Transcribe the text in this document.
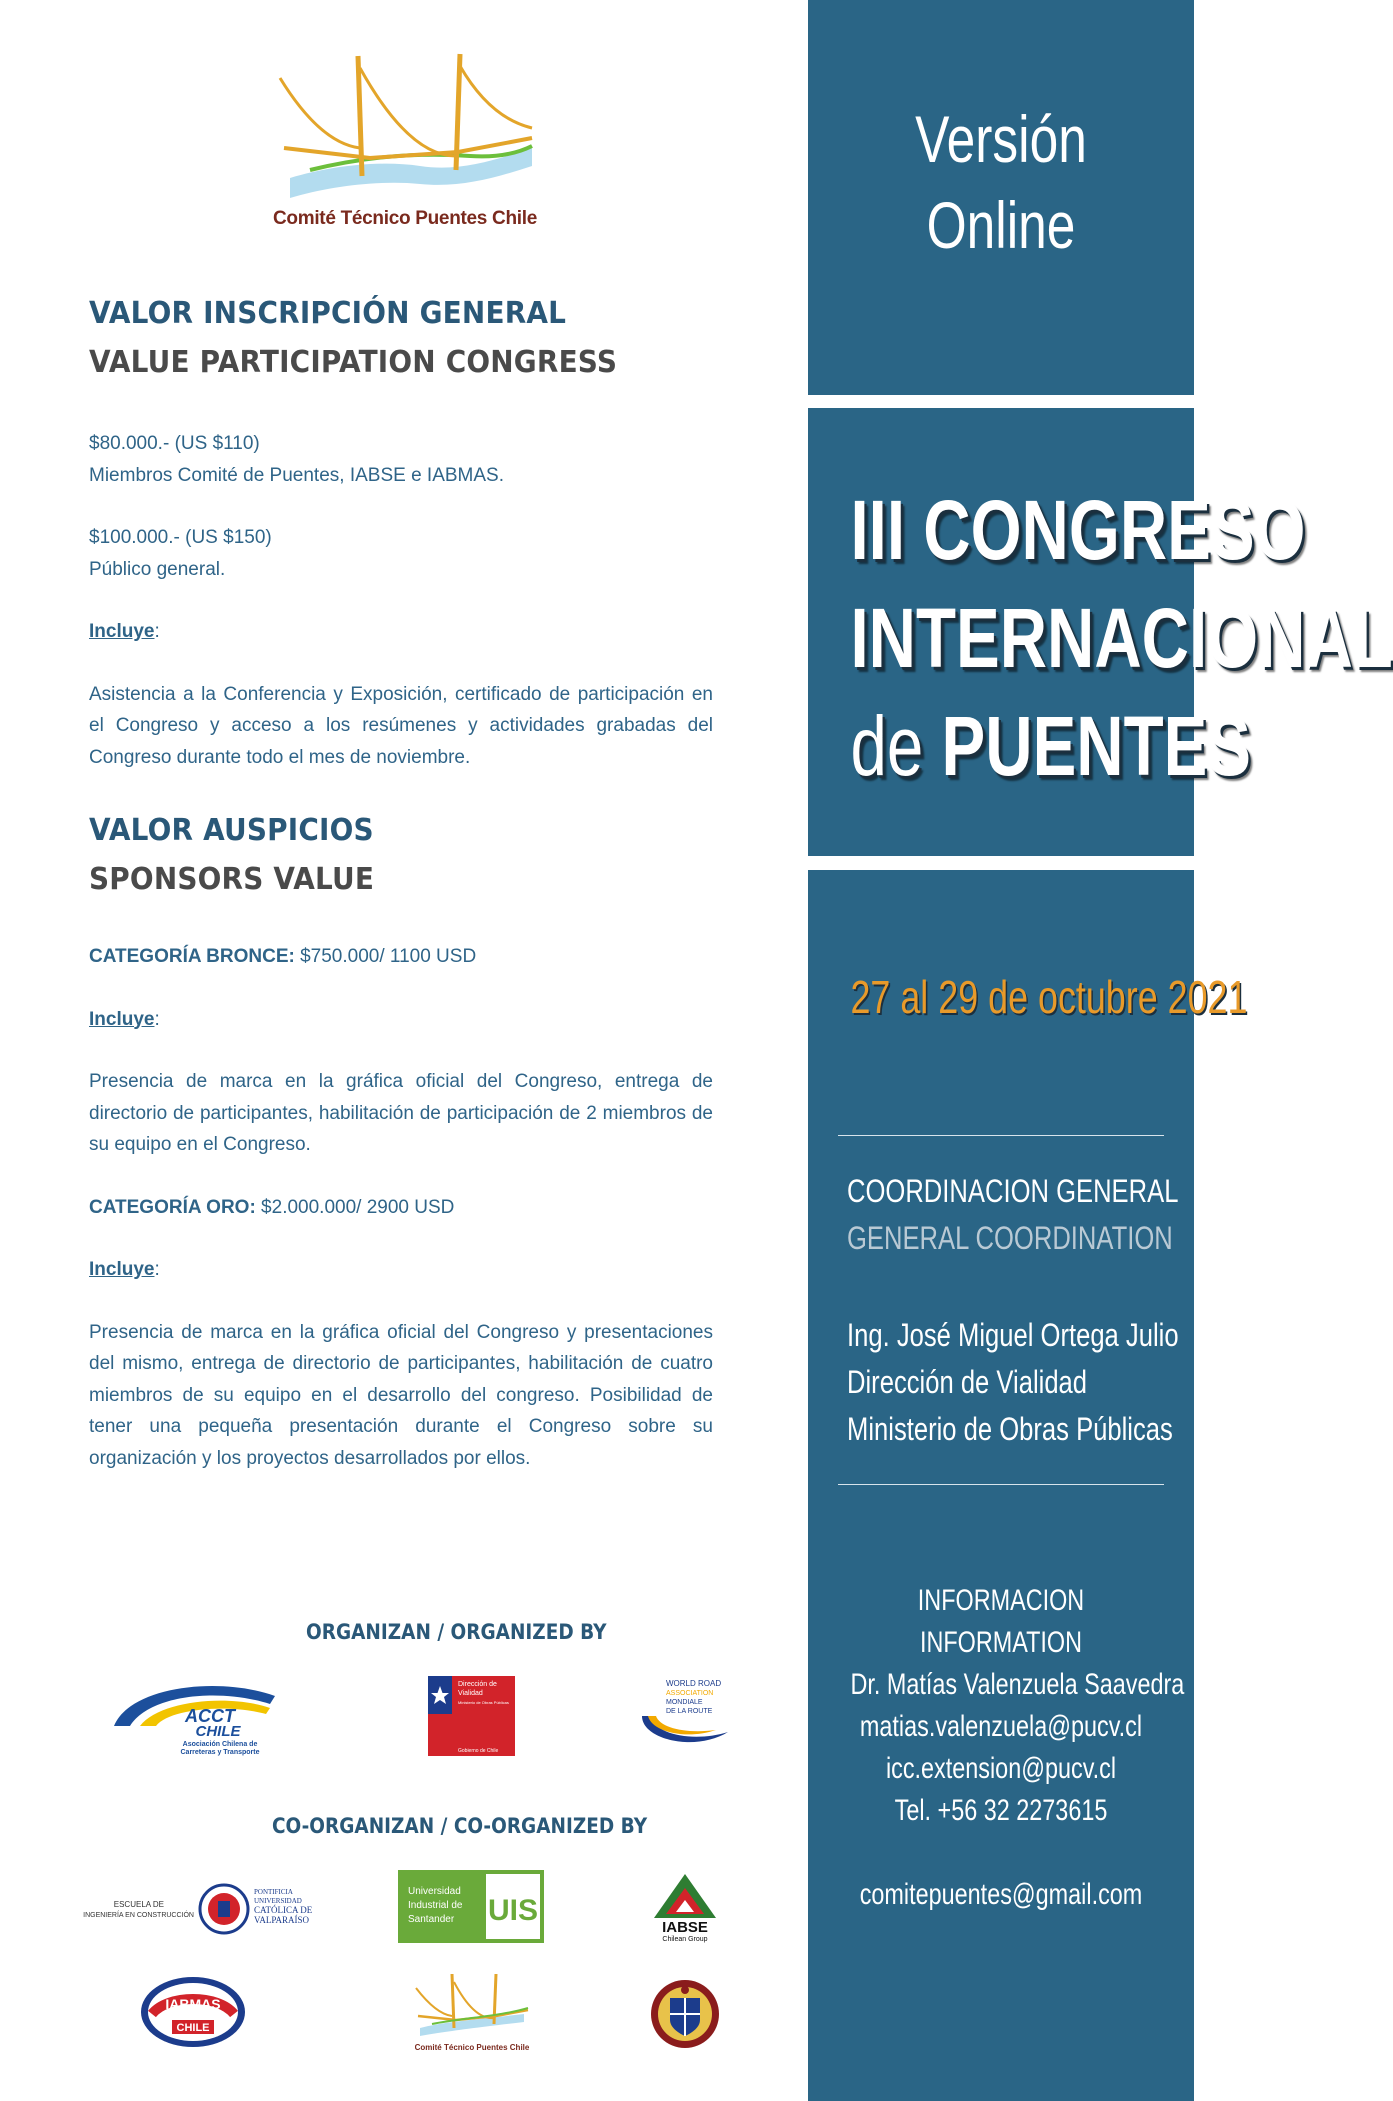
Comité Técnico Puentes Chile
VALOR INSCRIPCIÓN GENERAL
VALUE PARTICIPATION CONGRESS

$80.000.- (US $110)

Miembros Comité de Puentes, IABSE e IABMAS.

$100.000.- (US $150)

Público general.

Incluye:

Asistencia a la Conferencia y Exposición, certificado de participación en el Congreso y acceso a los resúmenes y actividades grabadas del Congreso durante todo el mes de noviembre.

VALOR AUSPICIOS
SPONSORS VALUE

CATEGORÍA BRONCE: $750.000/ 1100 USD

Incluye:

Presencia de marca en la gráfica oficial del Congreso, entrega de directorio de participantes, habilitación de participación de 2 miembros de su equipo en el Congreso.

CATEGORÍA ORO: $2.000.000/ 2900 USD

Incluye:

Presencia de marca en la gráfica oficial del Congreso y presentaciones del mismo, entrega de directorio de participantes, habilitación de cuatro miembros de su equipo en el desarrollo del congreso. Posibilidad de tener una pequeña presentación durante el Congreso sobre su organización y los proyectos desarrollados por ellos.

ORGANIZAN / ORGANIZED BY
ACCT
CHILE
Asociación Chilena de
Carreteras y Transporte
Dirección de
Vialidad
Ministerio de Obras Públicas
Gobierno de Chile
WORLD ROAD
ASSOCIATION
MONDIALE
DE LA ROUTE
CO-ORGANIZAN / CO-ORGANIZED BY
ESCUELA DE
INGENIERÍA EN CONSTRUCCIÓN
PONTIFICIA
UNIVERSIDAD
CATÓLICA DE
VALPARAÍSO	UIS
Universidad
Industrial de
Santander	IABSE
Chilean Group
IABMAS
CHILE
Comité Técnico Puentes Chile
Versión
Online
III CONGRESO
INTERNACIONAL
de PUENTES
27 al 29 de octubre 2021
COORDINACION GENERAL
GENERAL COORDINATION
Ing. José Miguel Ortega Julio
Dirección de Vialidad
Ministerio de Obras Públicas
INFORMACION
INFORMATION
Dr. Matías Valenzuela Saavedra
matias.valenzuela@pucv.cl
icc.extension@pucv.cl
Tel. +56 32 2273615
comitepuentes@gmail.com
